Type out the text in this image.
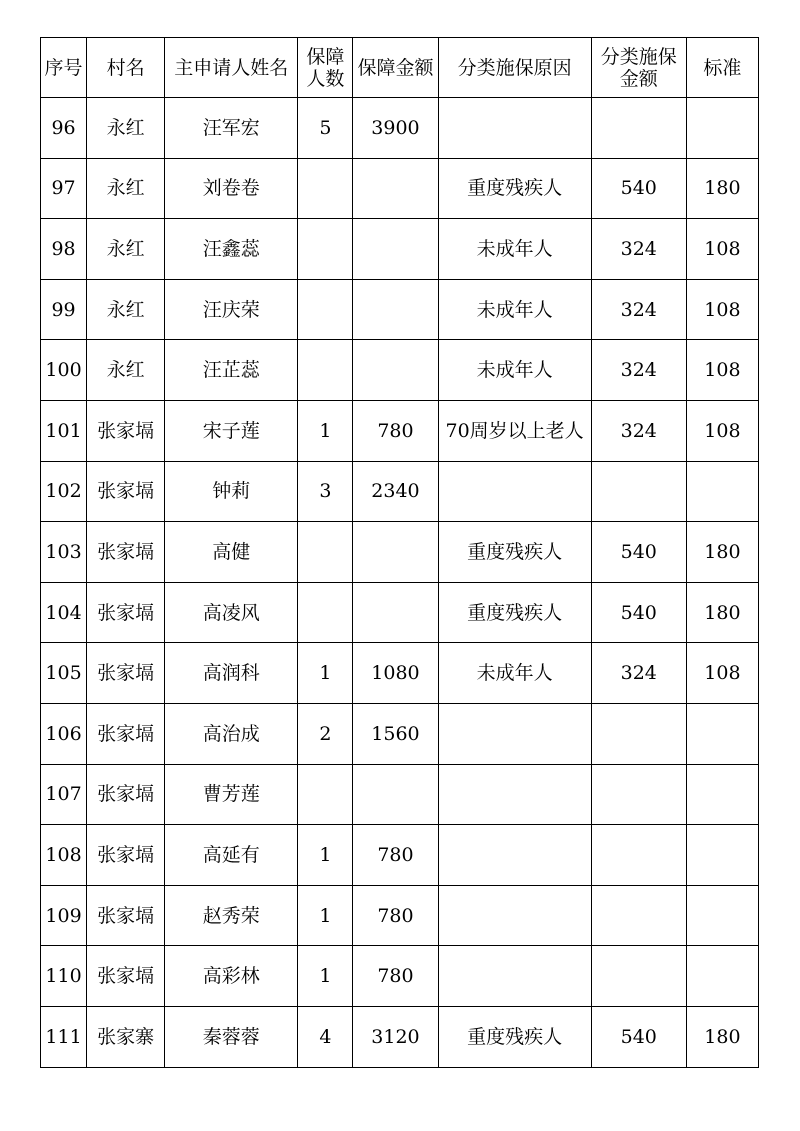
序号	村名	主申请人姓名	保障人数	保障金额	分类施保原因	分类施保金额	标准
96	永红	汪军宏	5	3900			
97	永红	刘卷卷			重度残疾人	540	180
98	永红	汪鑫蕊			未成年人	324	108
99	永红	汪庆荣			未成年人	324	108
100	永红	汪芷蕊			未成年人	324	108
101	张家塥	宋子莲	1	780	70周岁以上老人	324	108
102	张家塥	钟莉	3	2340			
103	张家塥	高健			重度残疾人	540	180
104	张家塥	高凌风			重度残疾人	540	180
105	张家塥	高润科	1	1080	未成年人	324	108
106	张家塥	高治成	2	1560			
107	张家塥	曹芳莲					
108	张家塥	高延有	1	780			
109	张家塥	赵秀荣	1	780			
110	张家塥	高彩林	1	780			
111	张家寨	秦蓉蓉	4	3120	重度残疾人	540	180
